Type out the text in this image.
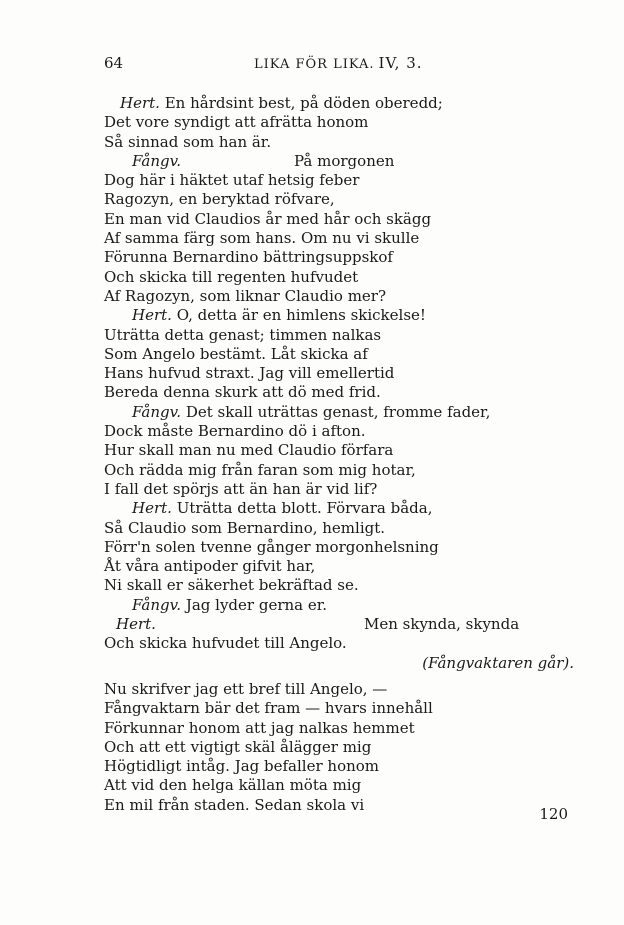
64	LIKA FÖR LIKA. IV, 3.
Hert. En hårdsint best, på döden oberedd;
Det vore syndigt att afrätta honom
Så sinnad som han är.
Fångv.	På morgonen
Dog här i häktet utaf hetsig feber
Ragozyn, en beryktad röfvare,
En man vid Claudios år med hår och skägg
Af samma färg som hans. Om nu vi skulle
Förunna Bernardino bättringsuppskof
Och skicka till regenten hufvudet
Af Ragozyn, som liknar Claudio mer?
Hert. O, detta är en himlens skickelse!
Uträtta detta genast; timmen nalkas
Som Angelo bestämt. Låt skicka af
Hans hufvud straxt. Jag vill emellertid
Bereda denna skurk att dö med frid.
Fångv. Det skall uträttas genast, fromme fader,
Dock måste Bernardino dö i afton.
Hur skall man nu med Claudio förfara
Och rädda mig från faran som mig hotar,
I fall det spörjs att än han är vid lif?
Hert. Uträtta detta blott. Förvara båda,
Så Claudio som Bernardino, hemligt.
Förr'n solen tvenne gånger morgonhelsning
Åt våra antipoder gifvit har,
Ni skall er säkerhet bekräftad se.
Fångv. Jag lyder gerna er.
Hert.	Men skynda, skynda
Och skicka hufvudet till Angelo.
(Fångvaktaren går).
Nu skrifver jag ett bref till Angelo, —
Fångvaktarn bär det fram — hvars innehåll
Förkunnar honom att jag nalkas hemmet
Och att ett vigtigt skäl ålägger mig
Högtidligt intåg. Jag befaller honom
Att vid den helga källan möta mig
En mil från staden. Sedan skola vi
120
